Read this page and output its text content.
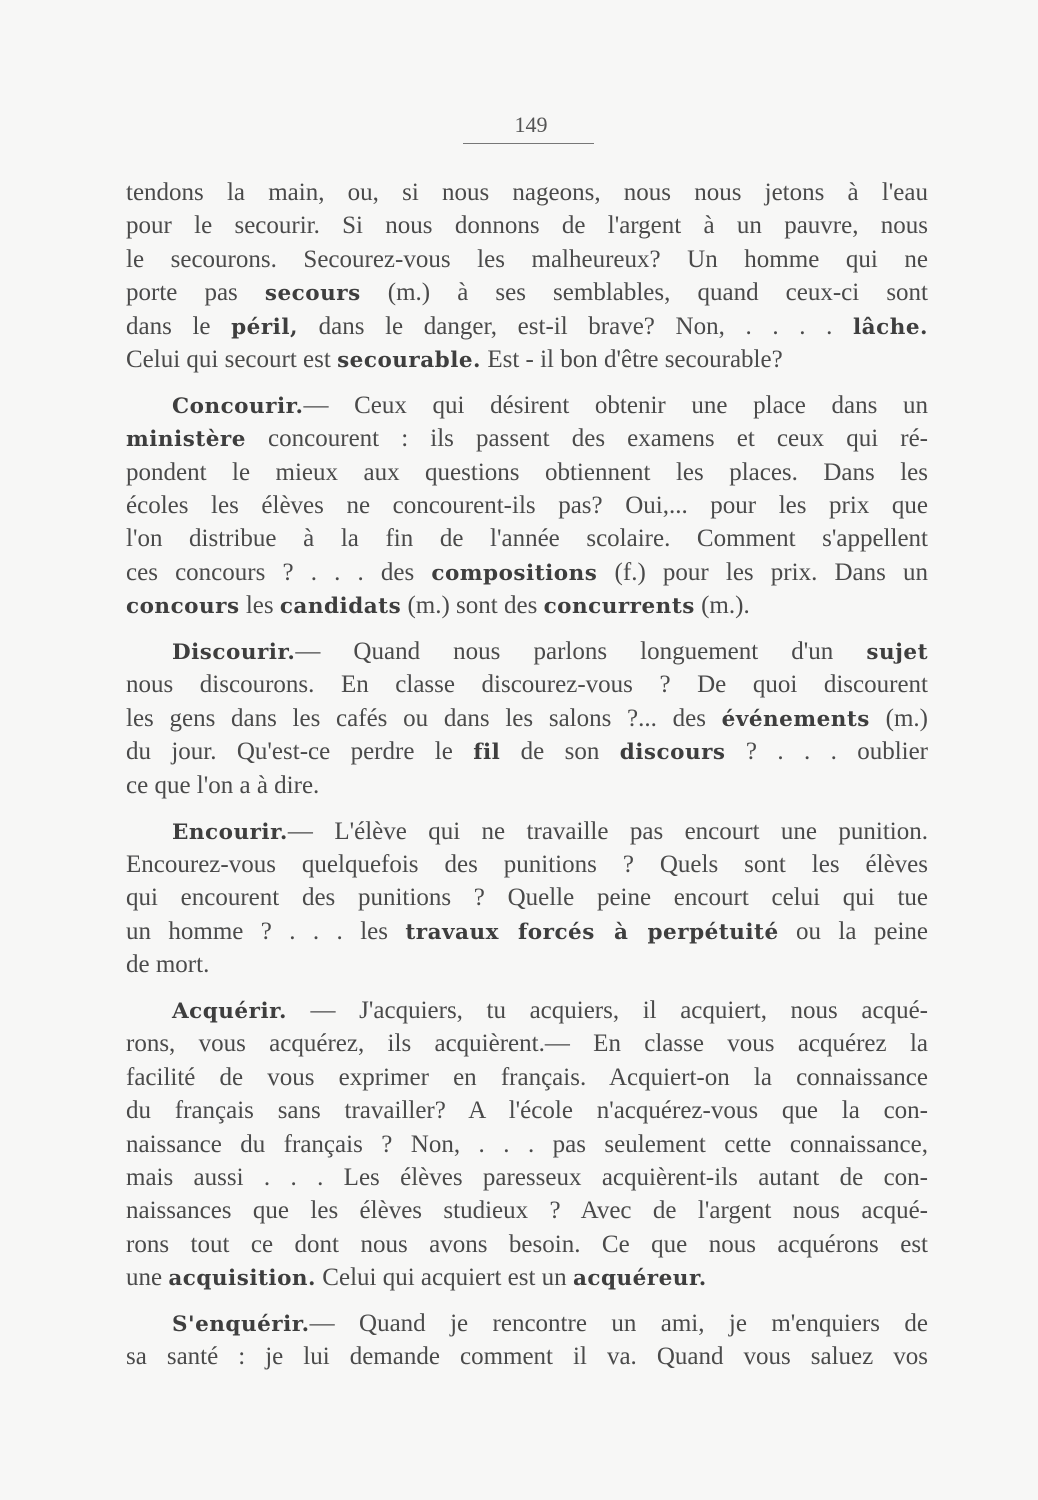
149
tendons la main, ou, si nous nageons, nous nous jetons à l'eau
pour le secourir. Si nous donnons de l'argent à un pauvre, nous
le secourons. Secourez-vous les malheureux? Un homme qui ne
porte pas secours (m.) à ses semblables, quand ceux-ci sont
dans le péril, dans le danger, est-il brave? Non, . . . . lâche.
Celui qui secourt est secourable. Est - il bon d'être secourable?
Concourir.— Ceux qui désirent obtenir une place dans un
ministère concourent : ils passent des examens et ceux qui ré-
pondent le mieux aux questions obtiennent les places. Dans les
écoles les élèves ne concourent-ils pas? Oui,... pour les prix que
l'on distribue à la fin de l'année scolaire. Comment s'appellent
ces concours ? . . . des compositions (f.) pour les prix. Dans un
concours les candidats (m.) sont des concurrents (m.).
Discourir.— Quand nous parlons longuement d'un sujet
nous discourons. En classe discourez-vous ? De quoi discourent
les gens dans les cafés ou dans les salons ?... des événements (m.)
du jour. Qu'est-ce perdre le fil de son discours ? . . . oublier
ce que l'on a à dire.
Encourir.— L'élève qui ne travaille pas encourt une punition.
Encourez-vous quelquefois des punitions ? Quels sont les élèves
qui encourent des punitions ? Quelle peine encourt celui qui tue
un homme ? . . . les travaux forcés à perpétuité ou la peine
de mort.
Acquérir. — J'acquiers, tu acquiers, il acquiert, nous acqué-
rons, vous acquérez, ils acquièrent.— En classe vous acquérez la
facilité de vous exprimer en français. Acquiert-on la connaissance
du français sans travailler? A l'école n'acquérez-vous que la con-
naissance du français ? Non, . . . pas seulement cette connaissance,
mais aussi . . . Les élèves paresseux acquièrent-ils autant de con-
naissances que les élèves studieux ? Avec de l'argent nous acqué-
rons tout ce dont nous avons besoin. Ce que nous acquérons est
une acquisition. Celui qui acquiert est un acquéreur.
S'enquérir.— Quand je rencontre un ami, je m'enquiers de
sa santé : je lui demande comment il va. Quand vous saluez vos
